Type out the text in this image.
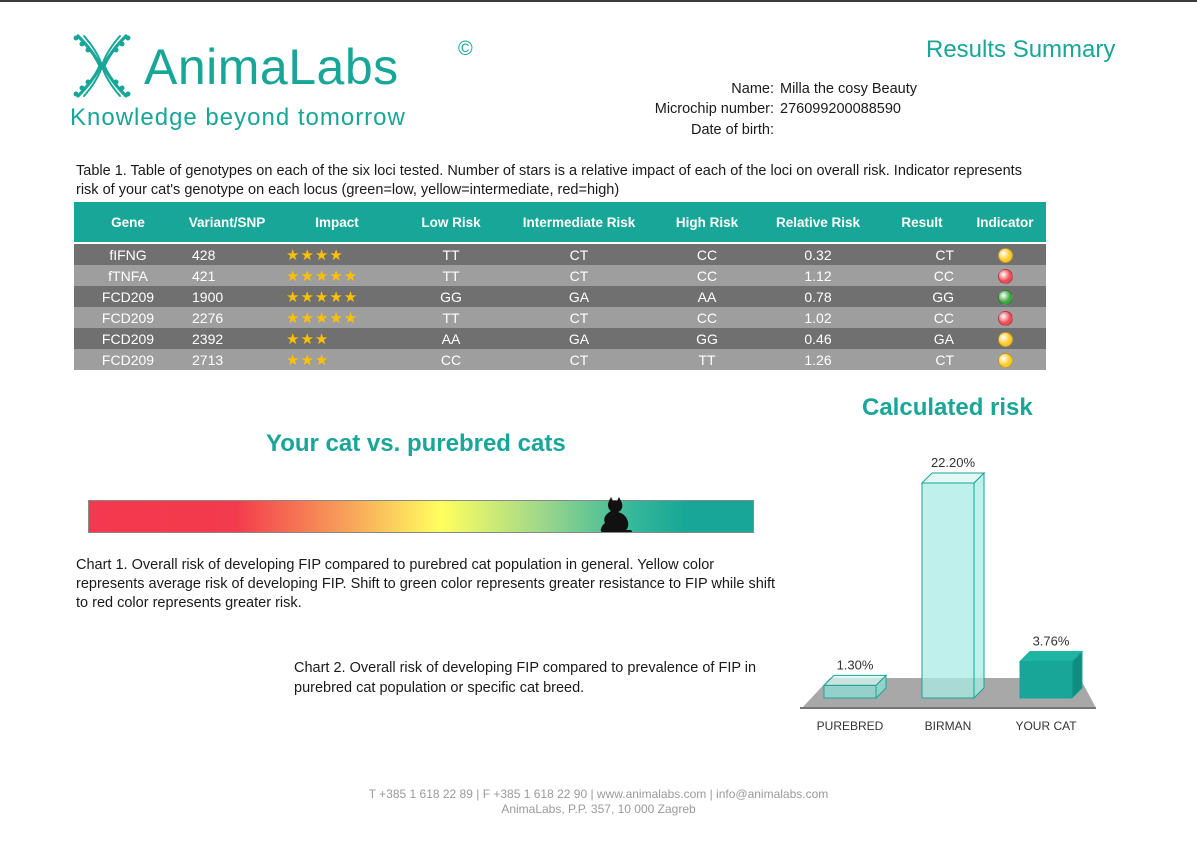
AnimaLabs	©
Knowledge beyond tomorrow
Results Summary
Name: Milla the cosy Beauty
Microchip number: 276099200088590
Date of birth:
Table 1. Table of genotypes on each of the six loci tested. Number of stars is a relative impact of each of the loci on overall risk. Indicator represents risk of your cat's genotype on each locus (green=low, yellow=intermediate, red=high)
Gene	Variant/SNP	Impact	Low Risk	Intermediate Risk	High Risk	Relative Risk	Result	Indicator
fIFNG	428	★★★★	TT	CT	CC	0.32	CT	
fTNFA	421	★★★★★	TT	CT	CC	1.12	CC	
FCD209	1900	★★★★★	GG	GA	AA	0.78	GG	
FCD209	2276	★★★★★	TT	CT	CC	1.02	CC	
FCD209	2392	★★★	AA	GA	GG	0.46	GA	
FCD209	2713	★★★	CC	CT	TT	1.26	CT	
Your cat vs. purebred cats
Chart 1. Overall risk of developing FIP compared to purebred cat population in general. Yellow color represents average risk of developing FIP. Shift to green color represents greater resistance to FIP while shift to red color represents greater risk.
Calculated risk
1.30%
PUREBRED
22.20%
BIRMAN
3.76%
YOUR CAT
Chart 2. Overall risk of developing FIP compared to prevalence of FIP in purebred cat population or specific cat breed.
T +385 1 618 22 89 | F +385 1 618 22 90 | www.animalabs.com | info@animalabs.com
AnimaLabs, P.P. 357, 10 000 Zagreb
